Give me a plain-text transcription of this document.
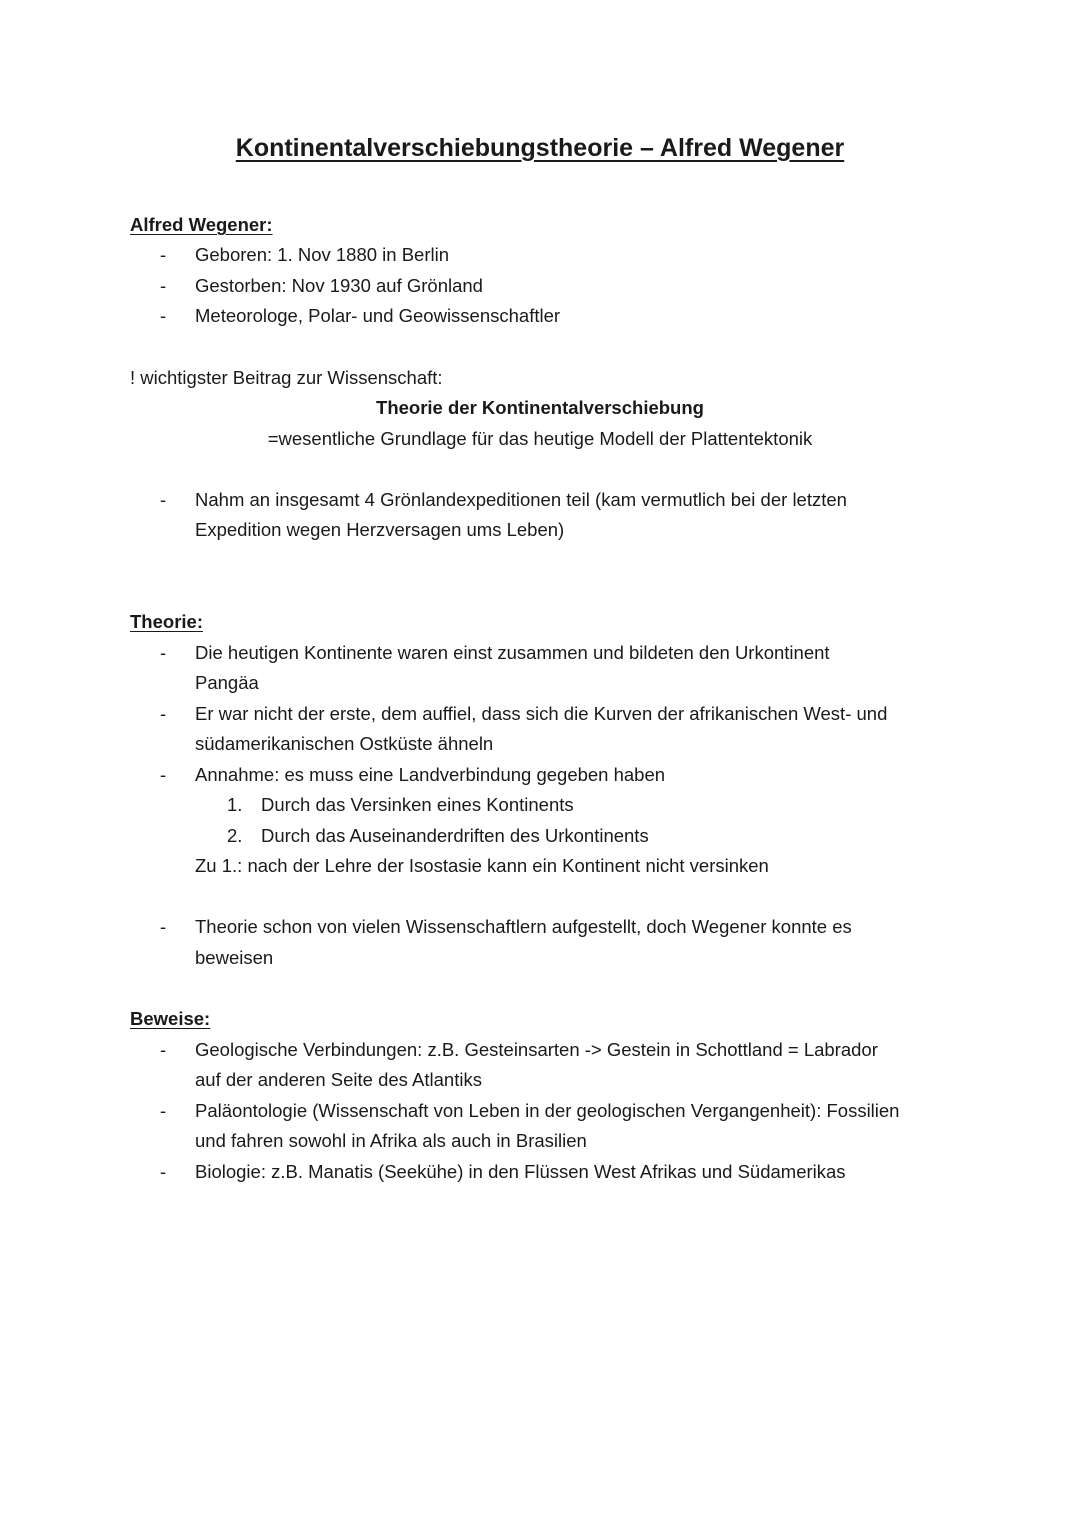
Kontinentalverschiebungstheorie – Alfred Wegener
Alfred Wegener:
- Geboren: 1. Nov 1880 in Berlin
- Gestorben: Nov 1930 auf Grönland
- Meteorologe, Polar- und Geowissenschaftler
! wichtigster Beitrag zur Wissenschaft:
Theorie der Kontinentalverschiebung
=wesentliche Grundlage für das heutige Modell der Plattentektonik
- Nahm an insgesamt 4 Grönlandexpeditionen teil (kam vermutlich bei der letzten
Expedition wegen Herzversagen ums Leben)
Theorie:
- Die heutigen Kontinente waren einst zusammen und bildeten den Urkontinent
Pangäa
- Er war nicht der erste, dem auffiel, dass sich die Kurven der afrikanischen West- und
südamerikanischen Ostküste ähneln
- Annahme: es muss eine Landverbindung gegeben haben
1. Durch das Versinken eines Kontinents
2. Durch das Auseinanderdriften des Urkontinents
Zu 1.: nach der Lehre der Isostasie kann ein Kontinent nicht versinken
- Theorie schon von vielen Wissenschaftlern aufgestellt, doch Wegener konnte es
beweisen
Beweise:
- Geologische Verbindungen: z.B. Gesteinsarten -> Gestein in Schottland = Labrador
auf der anderen Seite des Atlantiks
- Paläontologie (Wissenschaft von Leben in der geologischen Vergangenheit): Fossilien
und fahren sowohl in Afrika als auch in Brasilien
- Biologie: z.B. Manatis (Seekühe) in den Flüssen West Afrikas und Südamerikas
